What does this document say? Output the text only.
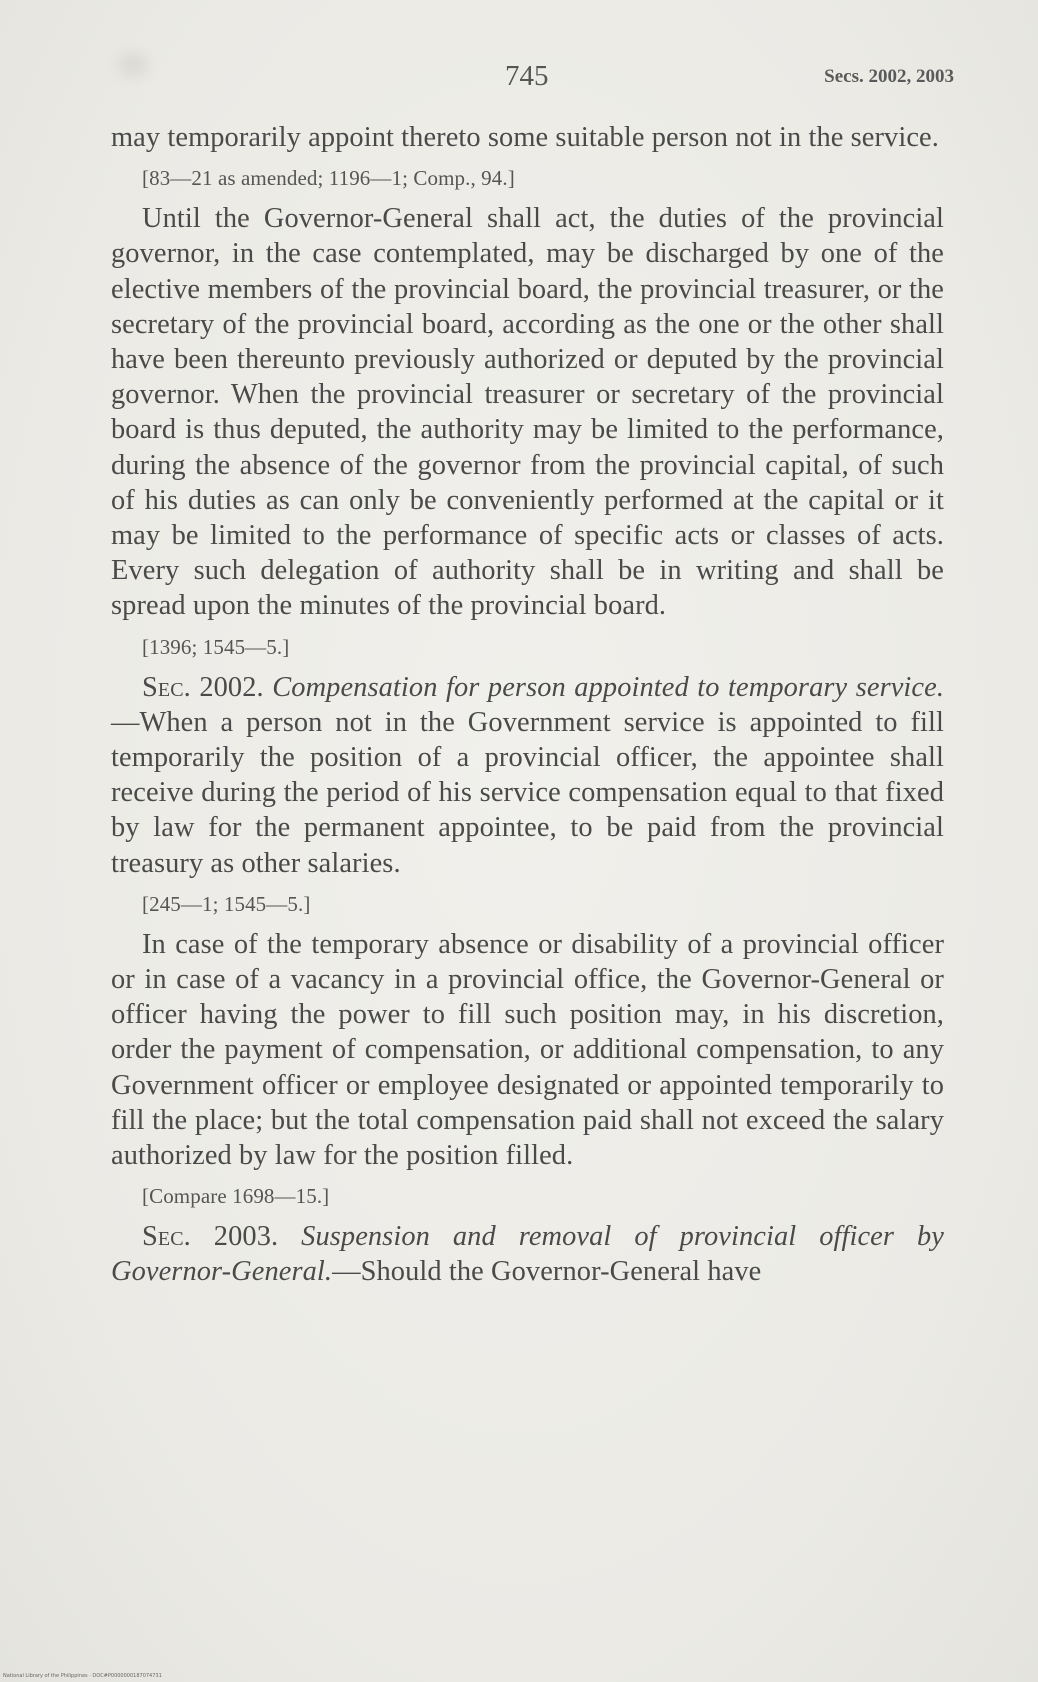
745	Secs. 2002, 2003

may temporarily appoint thereto some suitable person not in the service.

[83—21 as amended; 1196—1; Comp., 94.]

Until the Governor-General shall act, the duties of the provincial governor, in the case contemplated, may be discharged by one of the elective members of the provincial board, the provincial treasurer, or the secretary of the provincial board, according as the one or the other shall have been thereunto previously authorized or deputed by the provincial governor. When the provincial treasurer or secretary of the provincial board is thus deputed, the authority may be limited to the performance, during the absence of the governor from the provincial capital, of such of his duties as can only be conveniently performed at the capital or it may be limited to the performance of specific acts or classes of acts. Every such delegation of authority shall be in writing and shall be spread upon the minutes of the provincial board.

[1396; 1545—5.]

Sec. 2002. Compensation for person appointed to temporary service.—When a person not in the Government service is appointed to fill temporarily the position of a provincial officer, the appointee shall receive during the period of his service compensation equal to that fixed by law for the permanent appointee, to be paid from the provincial treasury as other salaries.

[245—1; 1545—5.]

In case of the temporary absence or disability of a provincial officer or in case of a vacancy in a provincial office, the Governor-General or officer having the power to fill such position may, in his discretion, order the payment of compensation, or additional compensation, to any Government officer or employee designated or appointed temporarily to fill the place; but the total compensation paid shall not exceed the salary authorized by law for the position filled.

[Compare 1698—15.]

Sec. 2003. Suspension and removal of provincial officer by Governor-General.—Should the Governor-General have

National Library of the Philippines · DOC#P0000000187074731
